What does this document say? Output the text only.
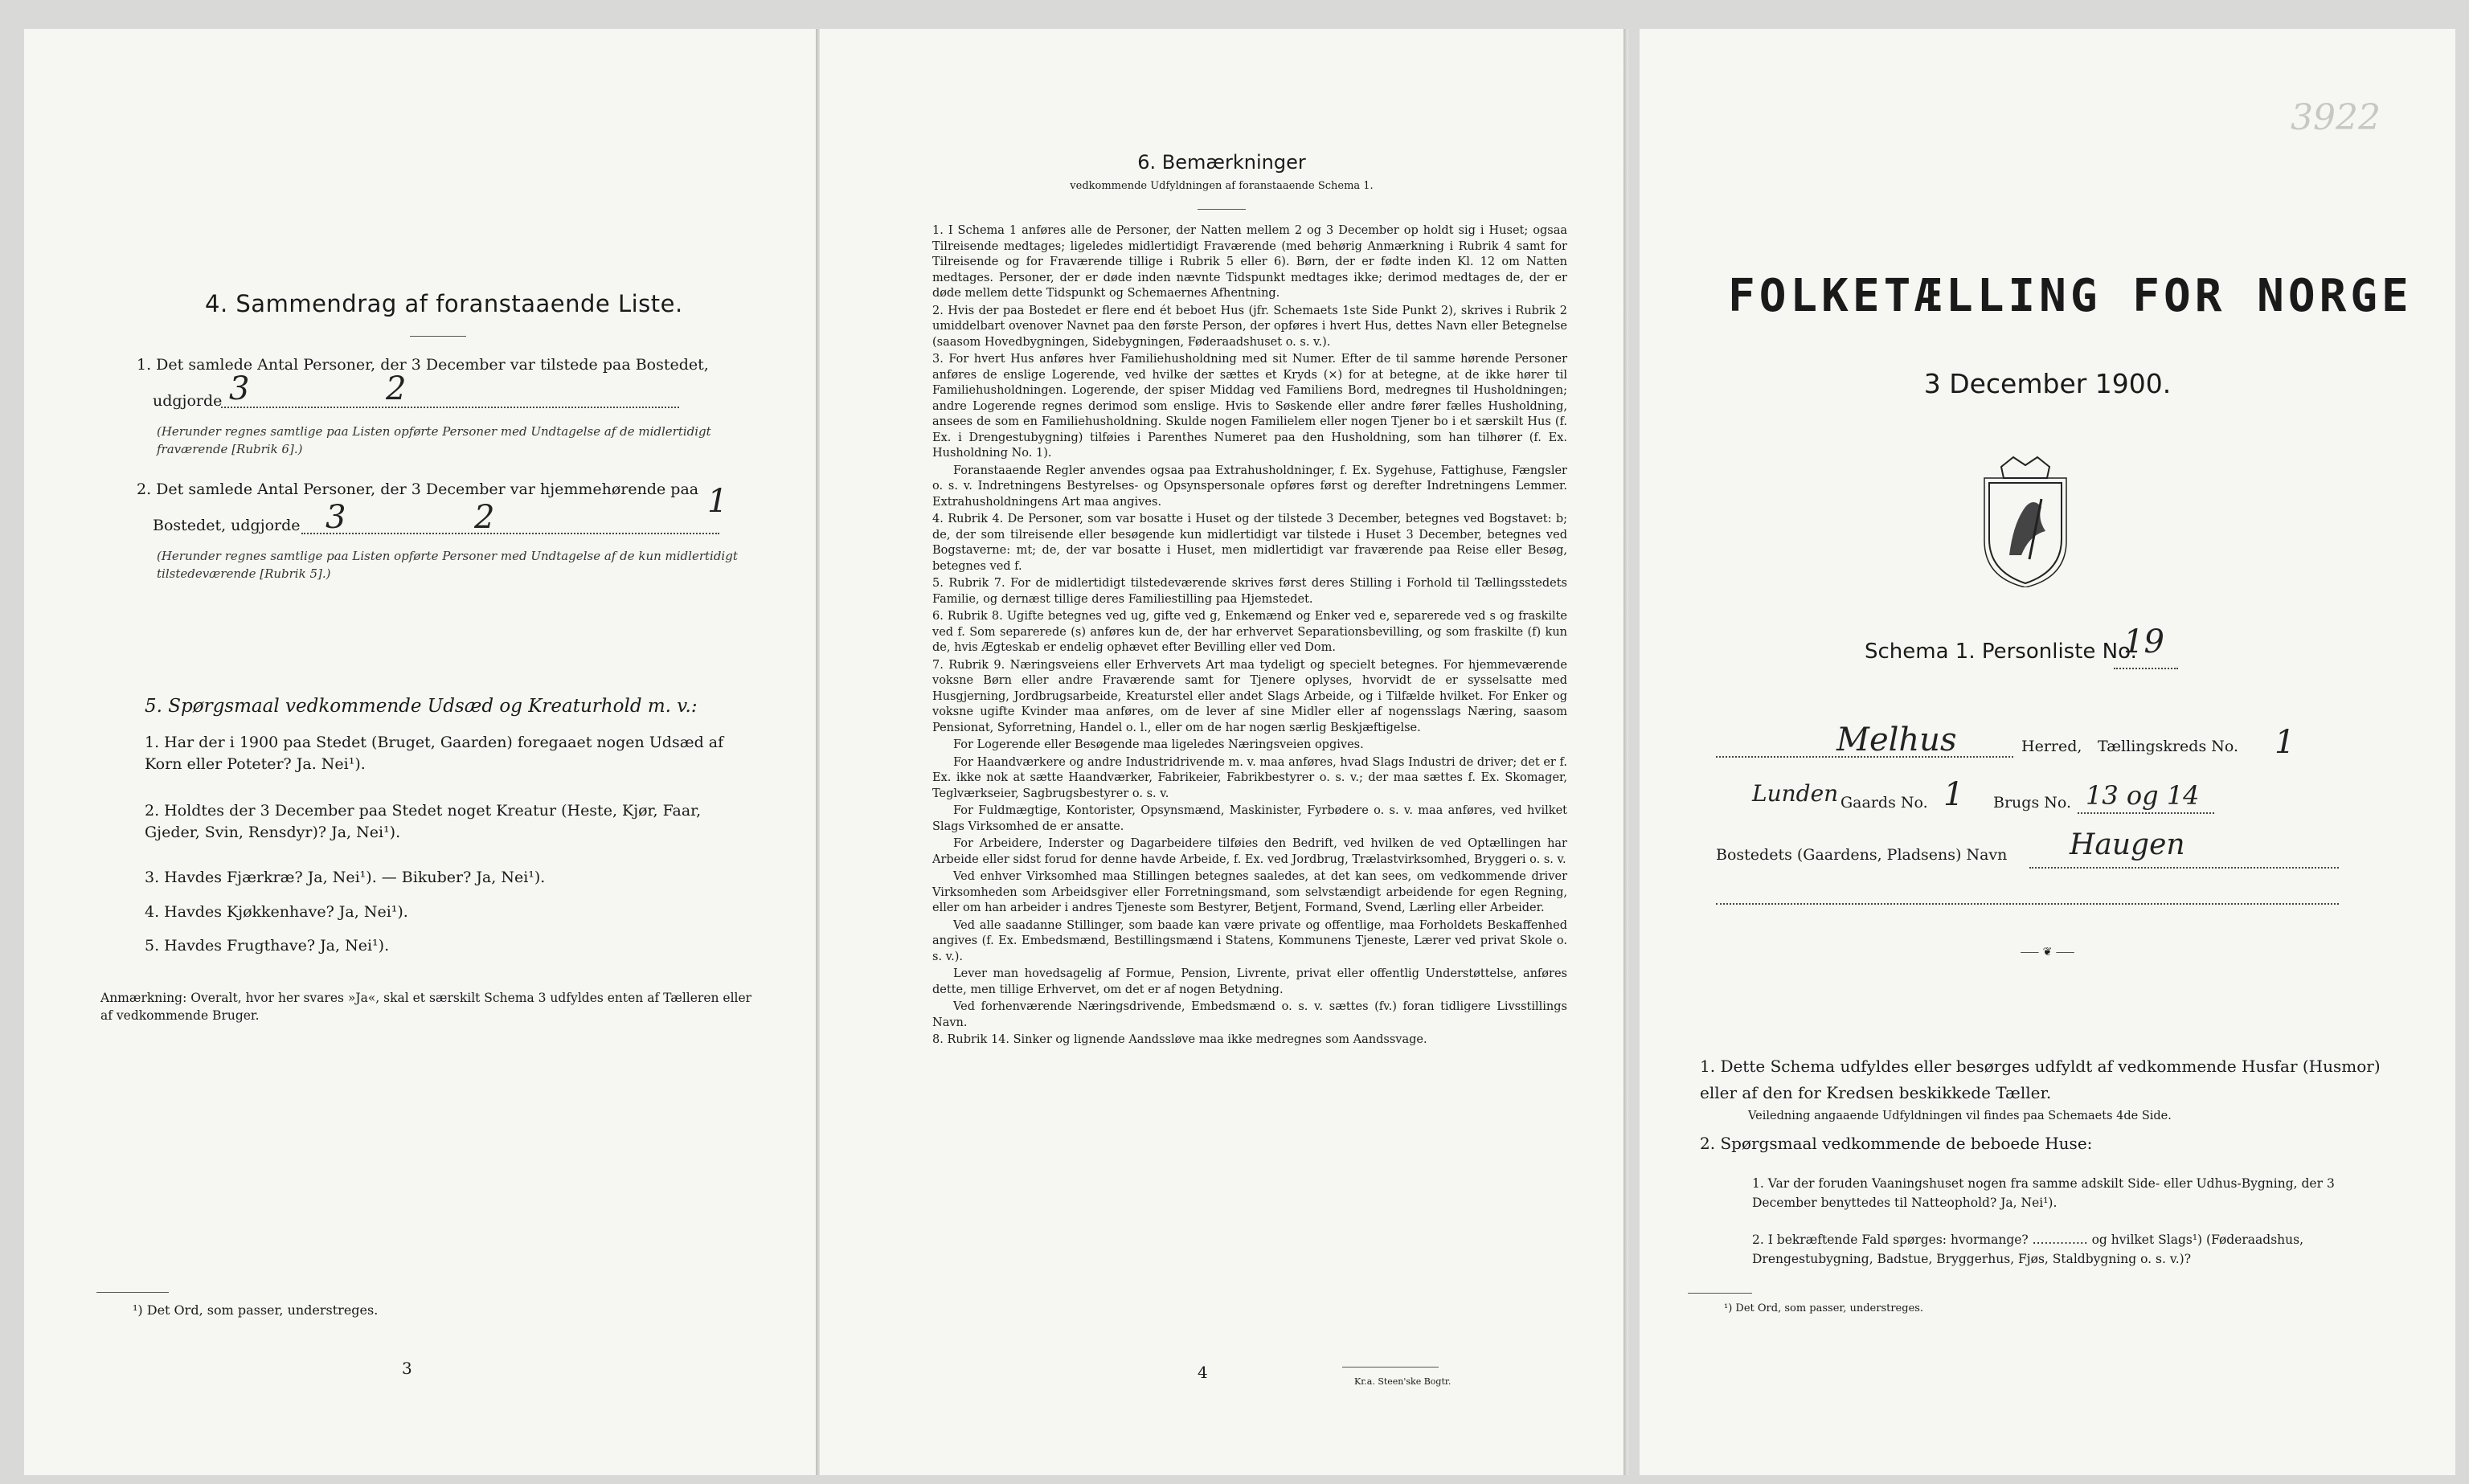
4. Sammendrag af foranstaaende Liste.
1. Det samlede Antal Personer, der 3 December var tilstede paa Bostedet,
udgjorde 3	2
(Herunder regnes samtlige paa Listen opførte Personer med Undtagelse af de midlertidigt fraværende [Rubrik 6].)
2. Det samlede Antal Personer, der 3 December var hjemmehørende paa
Bostedet, udgjorde 3	2	1
(Herunder regnes samtlige paa Listen opførte Personer med Undtagelse af de kun midlertidigt tilstedeværende [Rubrik 5].)
5. Spørgsmaal vedkommende Udsæd og Kreaturhold m. v.:
1. Har der i 1900 paa Stedet (Bruget, Gaarden) foregaaet nogen Udsæd af Korn eller Poteter? Ja. Nei¹).
2. Holdtes der 3 December paa Stedet noget Kreatur (Heste, Kjør, Faar, Gjeder, Svin, Rensdyr)? Ja, Nei¹).
3. Havdes Fjærkræ? Ja, Nei¹). — Bikuber? Ja, Nei¹).
4. Havdes Kjøkkenhave? Ja, Nei¹).
5. Havdes Frugthave? Ja, Nei¹).
Anmærkning: Overalt, hvor her svares »Ja«, skal et særskilt Schema 3 udfyldes enten af Tælleren eller af vedkommende Bruger.
¹) Det Ord, som passer, understreges.
3
6. Bemærkninger
vedkommende Udfyldningen af foranstaaende Schema 1.

1. I Schema 1 anføres alle de Personer, der Natten mellem 2 og 3 December op holdt sig i Huset; ogsaa Tilreisende medtages; ligeledes midlertidigt Fraværende (med behørig Anmærkning i Rubrik 4 samt for Tilreisende og for Fraværende tillige i Rubrik 5 eller 6). Børn, der er fødte inden Kl. 12 om Natten medtages. Personer, der er døde inden nævnte Tidspunkt medtages ikke; derimod medtages de, der er døde mellem dette Tidspunkt og Schemaernes Afhentning.

2. Hvis der paa Bostedet er flere end ét beboet Hus (jfr. Schemaets 1ste Side Punkt 2), skrives i Rubrik 2 umiddelbart ovenover Navnet paa den første Person, der opføres i hvert Hus, dettes Navn eller Betegnelse (saasom Hovedbygningen, Sidebygningen, Føderaadshuset o. s. v.).

3. For hvert Hus anføres hver Familiehusholdning med sit Numer. Efter de til samme hørende Personer anføres de enslige Logerende, ved hvilke der sættes et Kryds (×) for at betegne, at de ikke hører til Familiehusholdningen. Logerende, der spiser Middag ved Familiens Bord, medregnes til Husholdningen; andre Logerende regnes derimod som enslige. Hvis to Søskende eller andre fører fælles Husholdning, ansees de som en Familiehusholdning. Skulde nogen Familielem eller nogen Tjener bo i et særskilt Hus (f. Ex. i Drengestubygning) tilføies i Parenthes Numeret paa den Husholdning, som han tilhører (f. Ex. Husholdning No. 1).

Foranstaaende Regler anvendes ogsaa paa Extrahusholdninger, f. Ex. Sygehuse, Fattighuse, Fængsler o. s. v. Indretningens Bestyrelses- og Opsynspersonale opføres først og derefter Indretningens Lemmer. Extrahusholdningens Art maa angives.

4. Rubrik 4. De Personer, som var bosatte i Huset og der tilstede 3 December, betegnes ved Bogstavet: b; de, der som tilreisende eller besøgende kun midlertidigt var tilstede i Huset 3 December, betegnes ved Bogstaverne: mt; de, der var bosatte i Huset, men midlertidigt var fraværende paa Reise eller Besøg, betegnes ved f.

5. Rubrik 7. For de midlertidigt tilstedeværende skrives først deres Stilling i Forhold til Tællingsstedets Familie, og dernæst tillige deres Familiestilling paa Hjemstedet.

6. Rubrik 8. Ugifte betegnes ved ug, gifte ved g, Enkemænd og Enker ved e, separerede ved s og fraskilte ved f. Som separerede (s) anføres kun de, der har erhvervet Separationsbevilling, og som fraskilte (f) kun de, hvis Ægteskab er endelig ophævet efter Bevilling eller ved Dom.

7. Rubrik 9. Næringsveiens eller Erhvervets Art maa tydeligt og specielt betegnes. For hjemmeværende voksne Børn eller andre Fraværende samt for Tjenere oplyses, hvorvidt de er sysselsatte med Husgjerning, Jordbrugsarbeide, Kreaturstel eller andet Slags Arbeide, og i Tilfælde hvilket. For Enker og voksne ugifte Kvinder maa anføres, om de lever af sine Midler eller af nogensslags Næring, saasom Pensionat, Syforretning, Handel o. l., eller om de har nogen særlig Beskjæftigelse.

For Logerende eller Besøgende maa ligeledes Næringsveien opgives.

For Haandværkere og andre Industridrivende m. v. maa anføres, hvad Slags Industri de driver; det er f. Ex. ikke nok at sætte Haandværker, Fabrikeier, Fabrikbestyrer o. s. v.; der maa sættes f. Ex. Skomager, Teglværkseier, Sagbrugsbestyrer o. s. v.

For Fuldmægtige, Kontorister, Opsynsmænd, Maskinister, Fyrbødere o. s. v. maa anføres, ved hvilket Slags Virksomhed de er ansatte.

For Arbeidere, Inderster og Dagarbeidere tilføies den Bedrift, ved hvilken de ved Optællingen har Arbeide eller sidst forud for denne havde Arbeide, f. Ex. ved Jordbrug, Trælastvirksomhed, Bryggeri o. s. v.

Ved enhver Virksomhed maa Stillingen betegnes saaledes, at det kan sees, om vedkommende driver Virksomheden som Arbeidsgiver eller Forretningsmand, som selvstændigt arbeidende for egen Regning, eller om han arbeider i andres Tjeneste som Bestyrer, Betjent, Formand, Svend, Lærling eller Arbeider.

Ved alle saadanne Stillinger, som baade kan være private og offentlige, maa Forholdets Beskaffenhed angives (f. Ex. Embedsmænd, Bestillingsmænd i Statens, Kommunens Tjeneste, Lærer ved privat Skole o. s. v.).

Lever man hovedsagelig af Formue, Pension, Livrente, privat eller offentlig Understøttelse, anføres dette, men tillige Erhvervet, om det er af nogen Betydning.

Ved forhenværende Næringsdrivende, Embedsmænd o. s. v. sættes (fv.) foran tidligere Livsstillings Navn.

8. Rubrik 14. Sinker og lignende Aandssløve maa ikke medregnes som Aandssvage.

4	Kr.a. Steen'ske Bogtr.
3922
FOLKETÆLLING FOR NORGE
3 December 1900.
Schema 1. Personliste No.
19
Melhus	Herred, Tællingskreds No. 1
Lunden Gaards No. 1 Brugs No. 13 og 14
Bostedets (Gaardens, Pladsens) Navn Haugen
⸺ ❦ ⸺
1. Dette Schema udfyldes eller besørges udfyldt af vedkommende Husfar (Husmor) eller af den for Kredsen beskikkede Tæller.
Veiledning angaaende Udfyldningen vil findes paa Schemaets 4de Side.
2. Spørgsmaal vedkommende de beboede Huse:
1. Var der foruden Vaaningshuset nogen fra samme adskilt Side- eller Udhus-Bygning, der 3 December benyttedes til Natteophold? Ja, Nei¹).
2. I bekræftende Fald spørges: hvormange? .............. og hvilket Slags¹) (Føderaadshus, Drengestubygning, Badstue, Bryggerhus, Fjøs, Staldbygning o. s. v.)?
¹) Det Ord, som passer, understreges.
